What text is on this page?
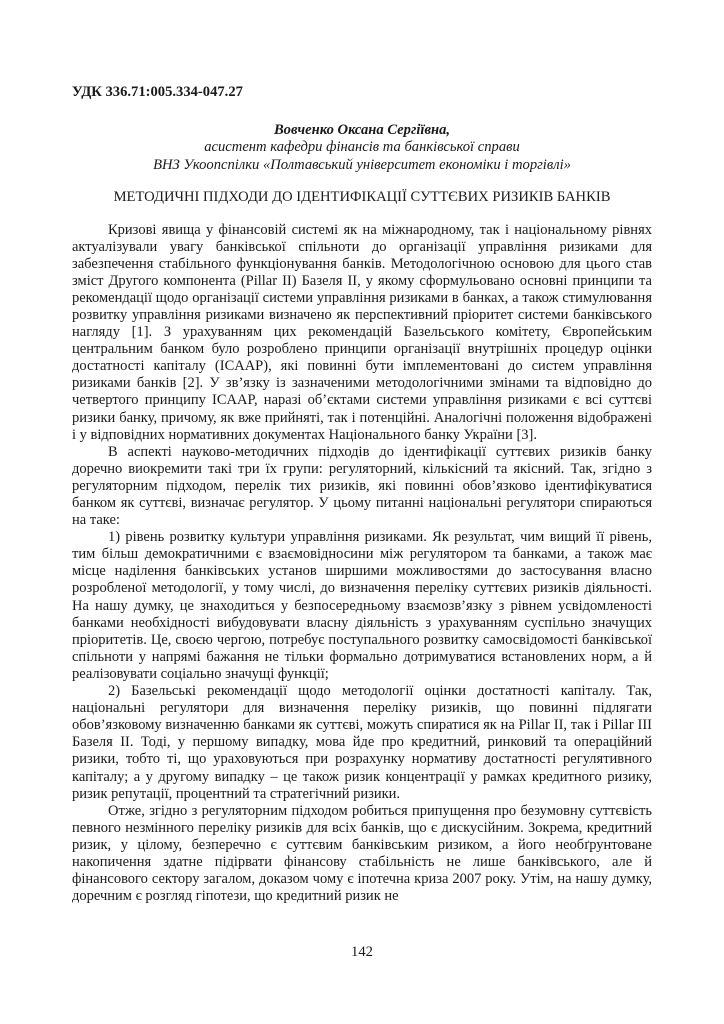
УДК 336.71:005.334-047.27
Вовченко Оксана Сергіївна,
асистент кафедри фінансів та банківської справи
ВНЗ Укоопспілки «Полтавський університет економіки і торгівлі»
МЕТОДИЧНІ ПІДХОДИ ДО ІДЕНТИФІКАЦІЇ СУТТЄВИХ РИЗИКІВ БАНКІВ

Кризові явища у фінансовій системі як на міжнародному, так і національному рівнях актуалізували увагу банківської спільноти до організації управління ризиками для забезпечення стабільного функціонування банків. Методологічною основою для цього став зміст Другого компонента (Pillar II) Базеля II, у якому сформульовано основні принципи та рекомендації щодо організації системи управління ризиками в банках, а також стимулювання розвитку управління ризиками визначено як перспективний пріоритет системи банківського нагляду [1]. З урахуванням цих рекомендацій Базельського комітету, Європейським центральним банком було розроблено принципи організації внутрішніх процедур оцінки достатності капіталу (ICAAP), які повинні бути імплементовані до систем управління ризиками банків [2]. У зв’язку із зазначеними методологічними змінами та відповідно до четвертого принципу ICAAP, наразі об’єктами системи управління ризиками є всі суттєві ризики банку, причому, як вже прийняті, так і потенційні. Аналогічні положення відображені і у відповідних нормативних документах Національного банку України [3].

В аспекті науково-методичних підходів до ідентифікації суттєвих ризиків банку доречно виокремити такі три їх групи: регуляторний, кількісний та якісний. Так, згідно з регуляторним підходом, перелік тих ризиків, які повинні обов’язково ідентифікуватися банком як суттєві, визначає регулятор. У цьому питанні національні регулятори спираються на таке:

1) рівень розвитку культури управління ризиками. Як результат, чим вищий її рівень, тим більш демократичними є взаємовідносини між регулятором та банками, а також має місце наділення банківських установ ширшими можливостями до застосування власно розробленої методології, у тому числі, до визначення переліку суттєвих ризиків діяльності. На нашу думку, це знаходиться у безпосередньому взаємозв’язку з рівнем усвідомленості банками необхідності вибудовувати власну діяльність з урахуванням суспільно значущих пріоритетів. Це, своєю чергою, потребує поступального розвитку самосвідомості банківської спільноти у напрямі бажання не тільки формально дотримуватися встановлених норм, а й реалізовувати соціально значущі функції;

2) Базельські рекомендації щодо методології оцінки достатності капіталу. Так, національні регулятори для визначення переліку ризиків, що повинні підлягати обов’язковому визначенню банками як суттєві, можуть спиратися як на Pillar II, так і Pillar III Базеля II. Тоді, у першому випадку, мова йде про кредитний, ринковий та операційний ризики, тобто ті, що ураховуються при розрахунку нормативу достатності регулятивного капіталу; а у другому випадку – це також ризик концентрації у рамках кредитного ризику, ризик репутації, процентний та стратегічний ризики.

Отже, згідно з регуляторним підходом робиться припущення про безумовну суттєвість певного незмінного переліку ризиків для всіх банків, що є дискусійним. Зокрема, кредитний ризик, у цілому, безперечно є суттєвим банківським ризиком, а його необґрунтоване накопичення здатне підірвати фінансову стабільність не лише банківського, але й фінансового сектору загалом, доказом чому є іпотечна криза 2007 року. Утім, на нашу думку, доречним є розгляд гіпотези, що кредитний ризик не

142
